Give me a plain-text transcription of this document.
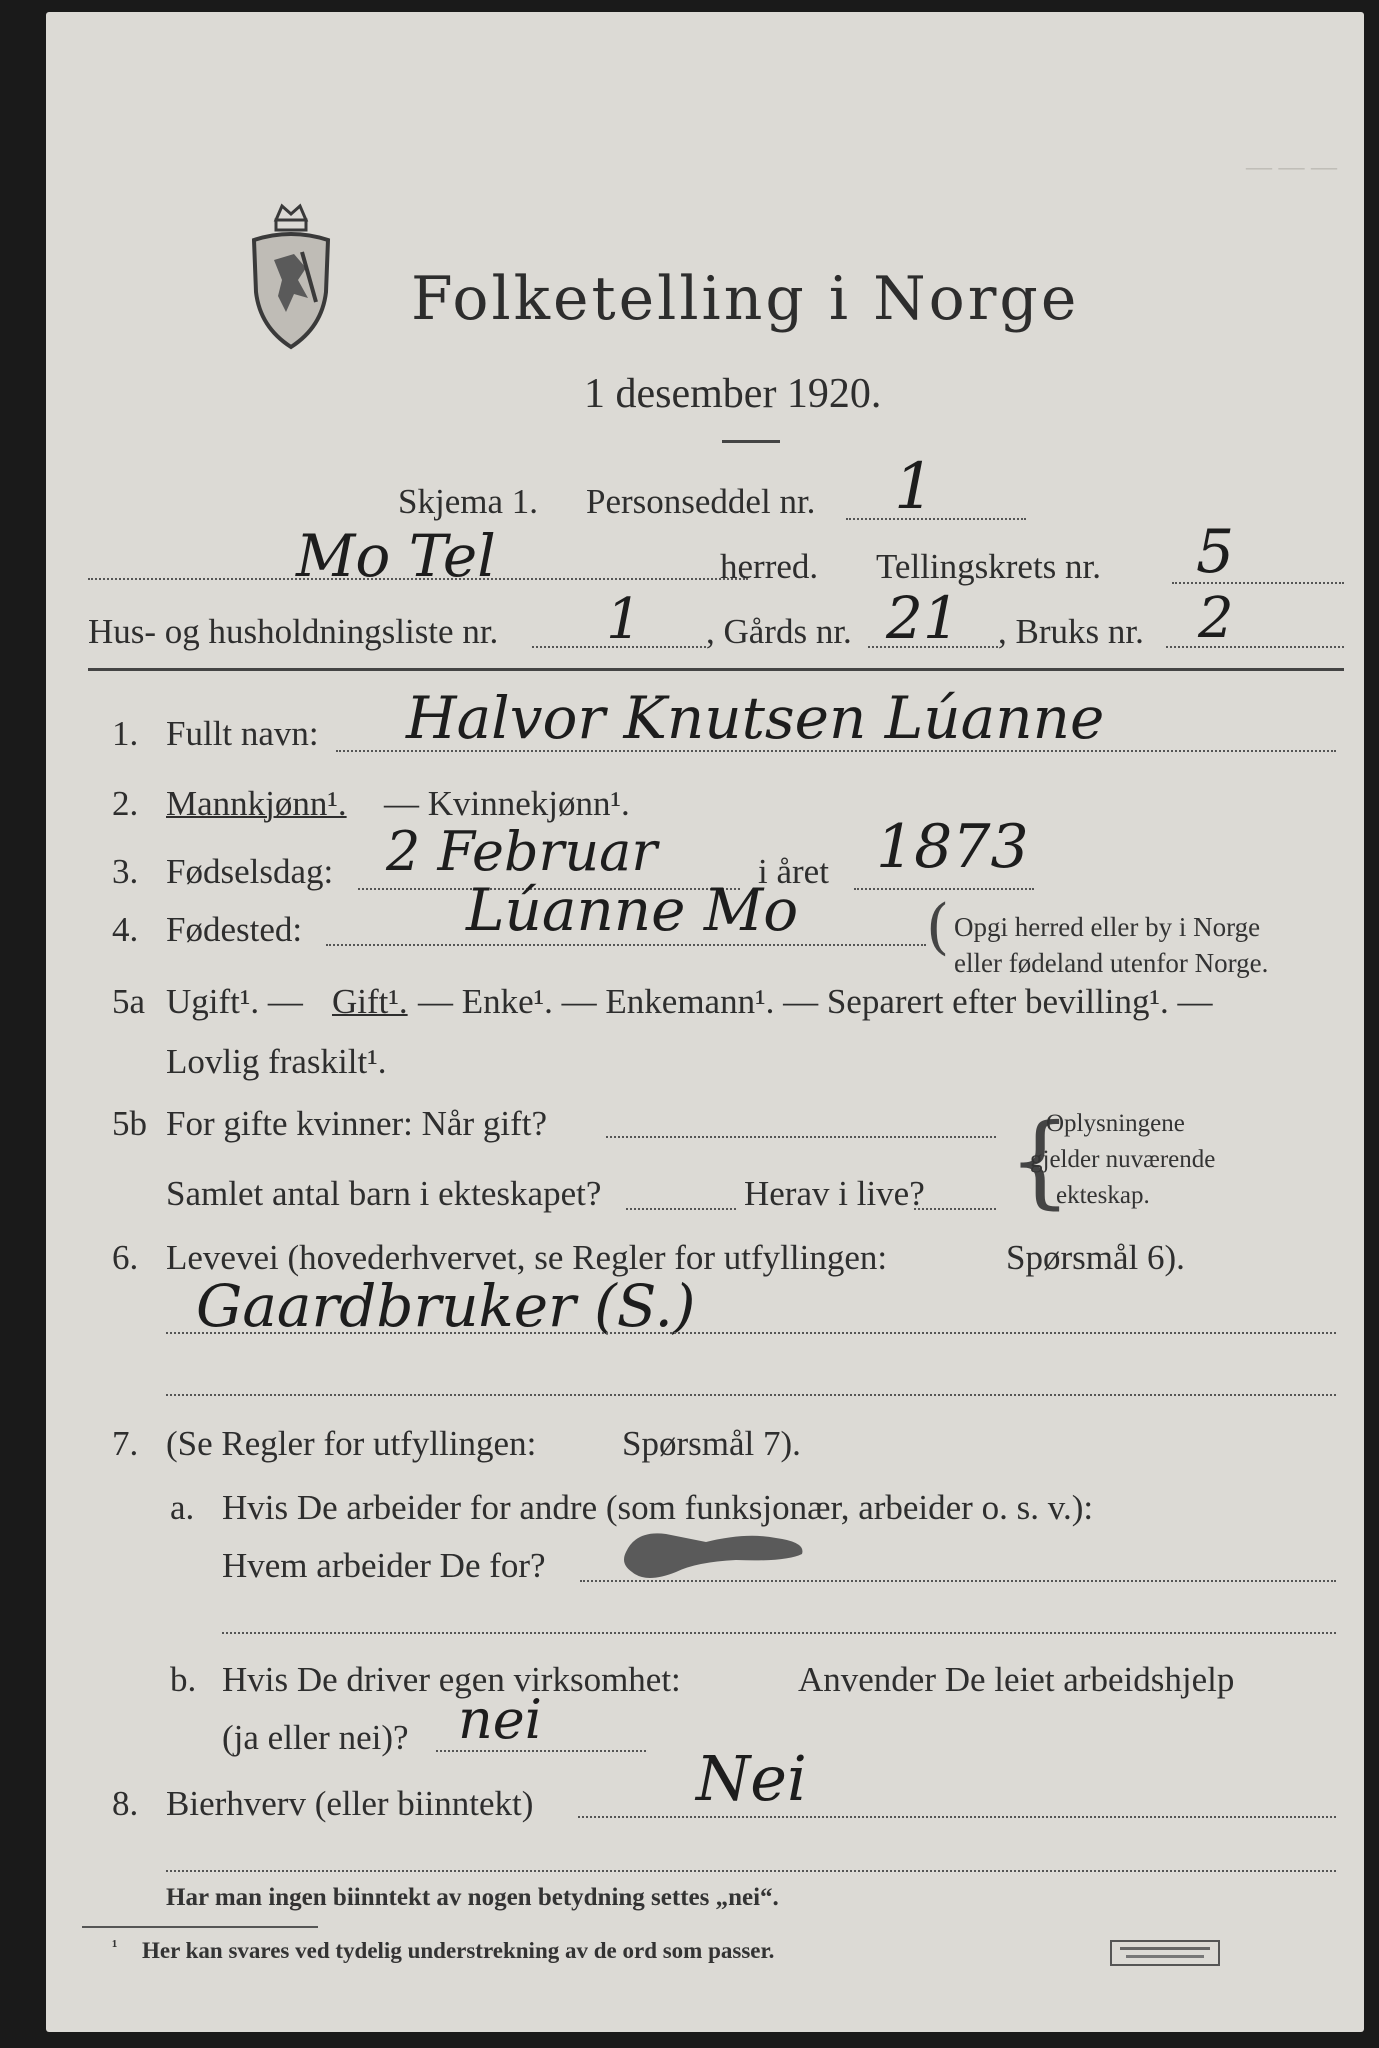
— — —
Folketelling i Norge
1 desember 1920.
Skjema 1. Personseddel nr. 1
Mo Tel	herred. Tellingskrets nr. 5
Hus- og husholdningsliste nr. 1 , Gårds nr. 21 , Bruks nr. 2
1. Fullt navn: Halvor Knutsen Lúanne
2. Mannkjønn¹. — Kvinnekjønn¹.
3. Fødselsdag: 2 Februar	i året 1873
4. Fødested:	Lúanne Mo ( Opgi herred eller by i Norge
eller fødeland utenfor Norge.
5a Ugift¹. — Gift¹. — Enke¹. — Enkemann¹. — Separert efter bevilling¹. —
Lovlig fraskilt¹.
5b For gifte kvinner: Når gift?
Samlet antal barn i ekteskapet?	Herav i live? {
Oplysningene
gjelder nuværende
ekteskap.
6. Levevei (hovederhvervet, se Regler for utfyllingen:	Spørsmål 6).
Gaardbruker (S.)
7. (Se Regler for utfyllingen: Spørsmål 7).
a. Hvis De arbeider for andre (som funksjonær, arbeider o. s. v.):
Hvem arbeider De for?
b. Hvis De driver egen virksomhet:	Anvender De leiet arbeidshjelp
(ja eller nei)? nei
8. Bierhverv (eller biinntekt)	Nei
Har man ingen biinntekt av nogen betydning settes „nei“.
¹ Her kan svares ved tydelig understrekning av de ord som passer.
